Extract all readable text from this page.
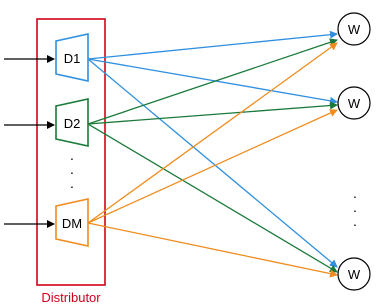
Distributor
D1
D2
DM
. . .
W
W
W
. . .
